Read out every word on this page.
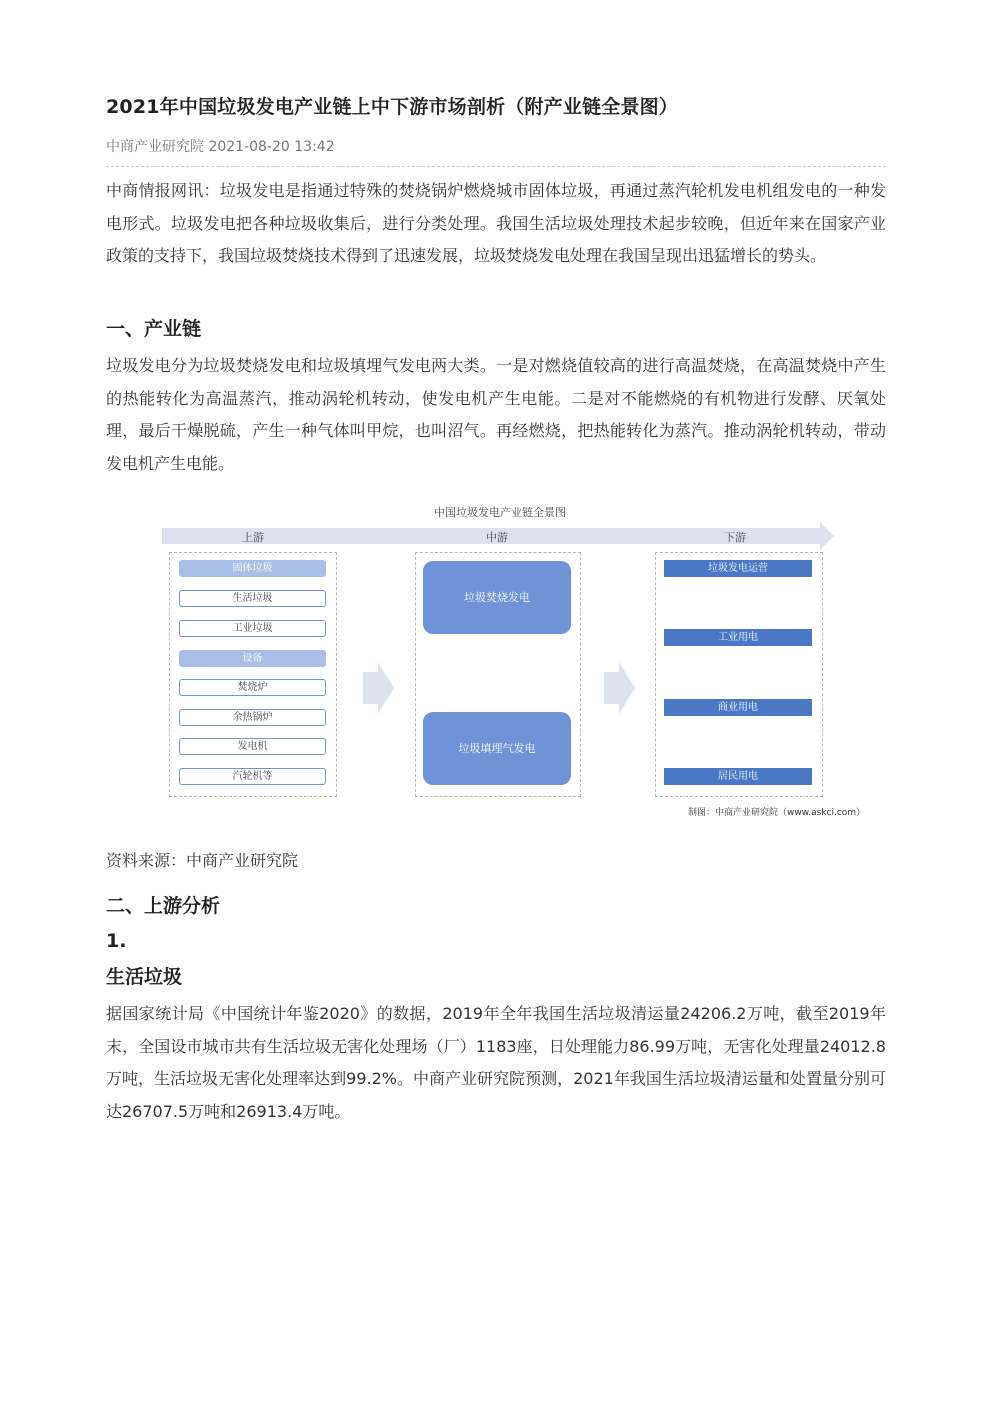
2021年中国垃圾发电产业链上中下游市场剖析（附产业链全景图）
中商产业研究院 2021-08-20 13:42

中商情报网讯：垃圾发电是指通过特殊的焚烧锅炉燃烧城市固体垃圾，再通过蒸汽轮机发电机组发电的一种发电形式。垃圾发电把各种垃圾收集后，进行分类处理。我国生活垃圾处理技术起步较晚，但近年来在国家产业政策的支持下，我国垃圾焚烧技术得到了迅速发展，垃圾焚烧发电处理在我国呈现出迅猛增长的势头。

一、产业链

垃圾发电分为垃圾焚烧发电和垃圾填埋气发电两大类。一是对燃烧值较高的进行高温焚烧，在高温焚烧中产生的热能转化为高温蒸汽，推动涡轮机转动，使发电机产生电能。二是对不能燃烧的有机物进行发酵、厌氧处理，最后干燥脱硫，产生一种气体叫甲烷，也叫沼气。再经燃烧，把热能转化为蒸汽。推动涡轮机转动，带动发电机产生电能。

中国垃圾发电产业链全景图
上游	中游	下游
固体垃圾
生活垃圾
工业垃圾
设备
焚烧炉
余热锅炉
发电机
汽轮机等
垃圾焚烧发电
垃圾填埋气发电
垃圾发电运营
工业用电
商业用电
居民用电
制图：中商产业研究院（www.askci.com）

资料来源：中商产业研究院

二、上游分析
1.
生活垃圾

据国家统计局《中国统计年鉴2020》的数据，2019年全年我国生活垃圾清运量24206.2万吨，截至2019年末，全国设市城市共有生活垃圾无害化处理场（厂）1183座，日处理能力86.99万吨，无害化处理量24012.8万吨，生活垃圾无害化处理率达到99.2%。中商产业研究院预测，2021年我国生活垃圾清运量和处置量分别可达26707.5万吨和26913.4万吨。
